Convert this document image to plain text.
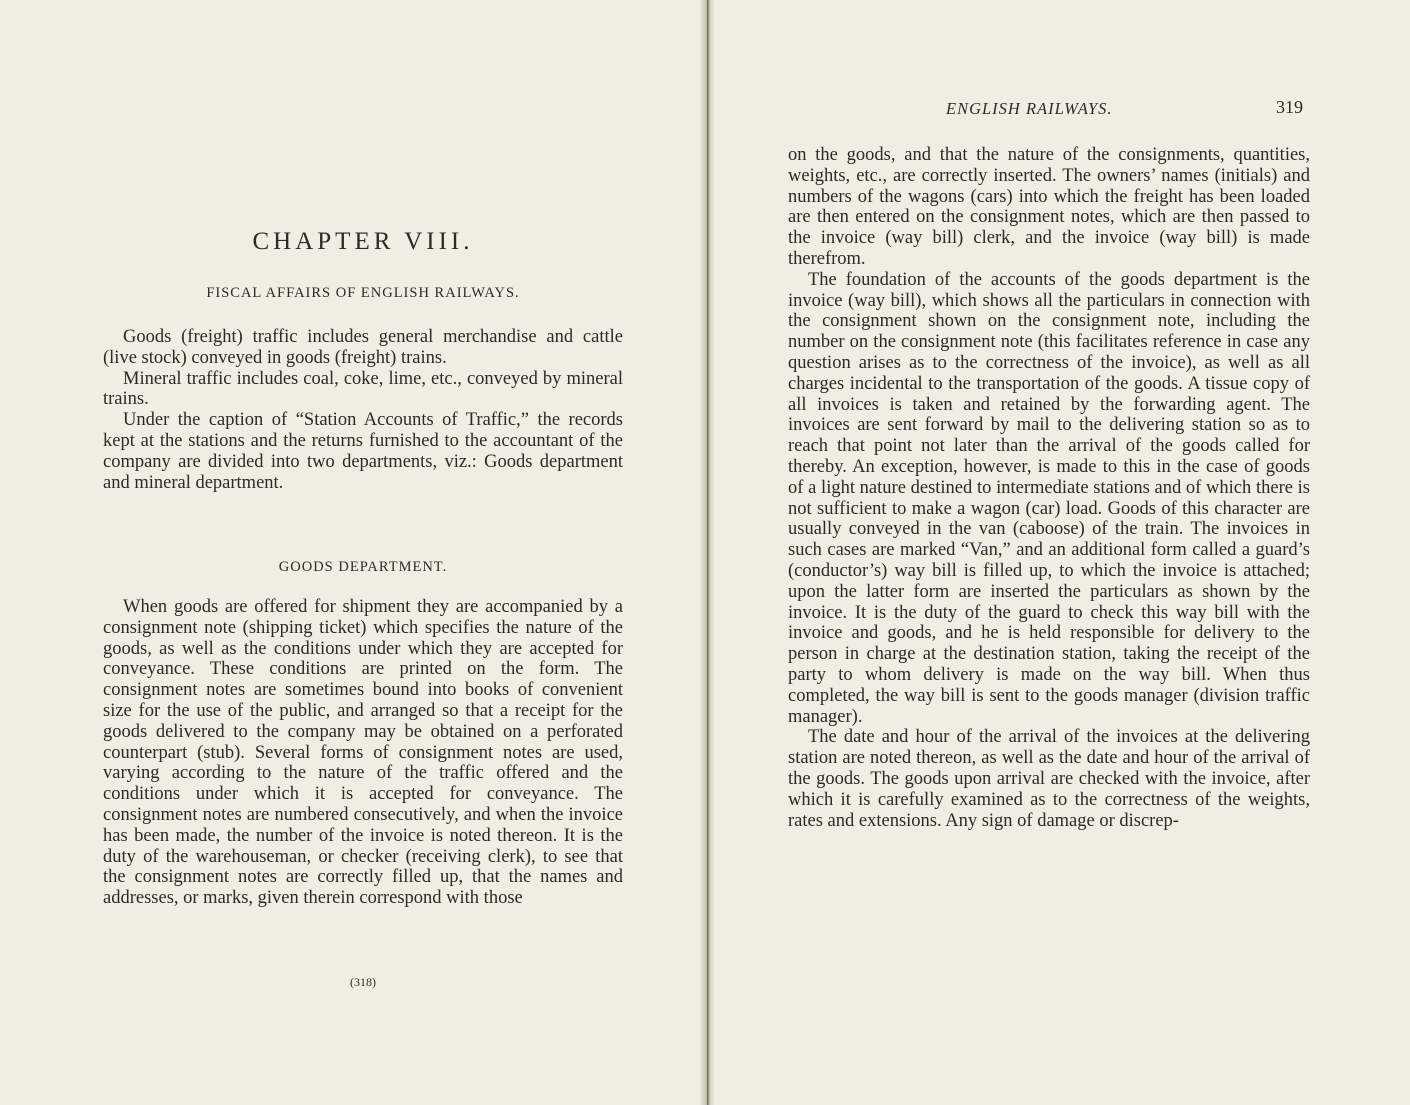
CHAPTER VIII.
FISCAL AFFAIRS OF ENGLISH RAILWAYS.

Goods (freight) traffic includes general merchandise and cattle (live stock) conveyed in goods (freight) trains.

Mineral traffic includes coal, coke, lime, etc., conveyed by mineral trains.

Under the caption of “Station Accounts of Traffic,” the records kept at the stations and the returns furnished to the accountant of the company are divided into two departments, viz.: Goods department and mineral department.

GOODS DEPARTMENT.

When goods are offered for shipment they are accompanied by a consignment note (shipping ticket) which specifies the nature of the goods, as well as the conditions under which they are accepted for conveyance. These conditions are printed on the form. The consignment notes are sometimes bound into books of convenient size for the use of the public, and arranged so that a receipt for the goods delivered to the company may be obtained on a perforated counterpart (stub). Several forms of consignment notes are used, varying according to the nature of the traffic offered and the conditions under which it is accepted for conveyance. The consignment notes are numbered consecutively, and when the invoice has been made, the number of the invoice is noted thereon. It is the duty of the warehouseman, or checker (receiving clerk), to see that the consignment notes are correctly filled up, that the names and addresses, or marks, given therein correspond with those

(318)
ENGLISH RAILWAYS.	319

on the goods, and that the nature of the consignments, quantities, weights, etc., are correctly inserted. The owners’ names (initials) and numbers of the wagons (cars) into which the freight has been loaded are then entered on the consignment notes, which are then passed to the invoice (way bill) clerk, and the invoice (way bill) is made therefrom.

The foundation of the accounts of the goods department is the invoice (way bill), which shows all the particulars in connection with the consignment shown on the consignment note, including the number on the consignment note (this facilitates reference in case any question arises as to the correctness of the invoice), as well as all charges incidental to the transportation of the goods. A tissue copy of all invoices is taken and retained by the forwarding agent. The invoices are sent forward by mail to the delivering station so as to reach that point not later than the arrival of the goods called for thereby. An exception, however, is made to this in the case of goods of a light nature destined to intermediate stations and of which there is not sufficient to make a wagon (car) load. Goods of this character are usually conveyed in the van (caboose) of the train. The invoices in such cases are marked “Van,” and an additional form called a guard’s (conductor’s) way bill is filled up, to which the invoice is attached; upon the latter form are inserted the particulars as shown by the invoice. It is the duty of the guard to check this way bill with the invoice and goods, and he is held responsible for delivery to the person in charge at the destination station, taking the receipt of the party to whom delivery is made on the way bill. When thus completed, the way bill is sent to the goods manager (division traffic manager).

The date and hour of the arrival of the invoices at the delivering station are noted thereon, as well as the date and hour of the arrival of the goods. The goods upon arrival are checked with the invoice, after which it is carefully examined as to the correctness of the weights, rates and extensions. Any sign of damage or discrep-
